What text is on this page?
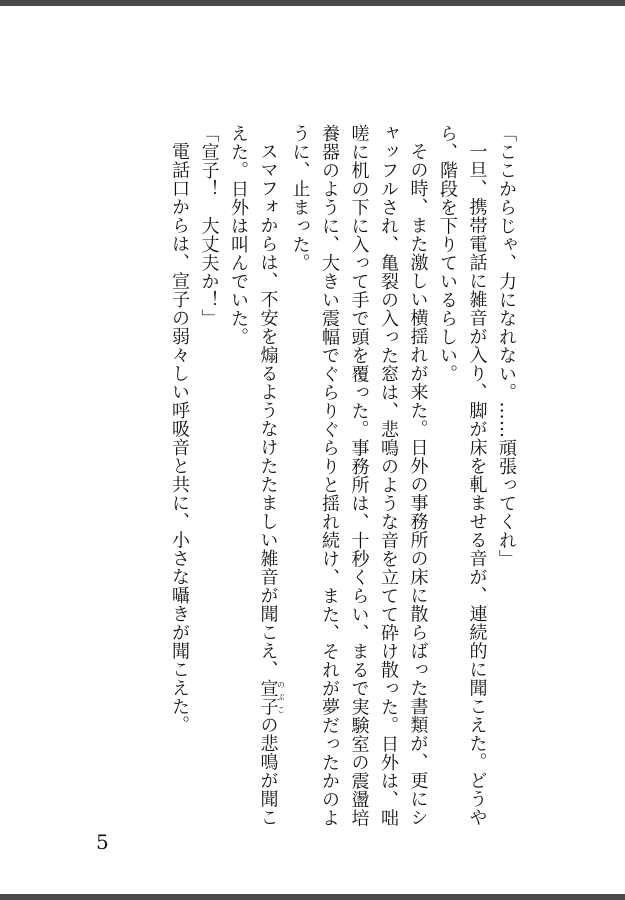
「ここからじゃ、力になれない。……頑張ってくれ」

一旦、携帯電話に雑音が入り、脚が床を軋ませる音が、連続的に聞こえた。どうやら、階段を下りているらしい。

その時、また激しい横揺れが来た。日外の事務所の床に散らばった書類が、更にシャッフルされ、亀裂の入った窓は、悲鳴のような音を立てて砕け散った。日外は、咄嗟に机の下に入って手で頭を覆った。事務所は、十秒くらい、まるで実験室の震盪培養器のように、大きい震幅でぐらりぐらりと揺れ続け、また、それが夢だったかのように、止まった。

スマフォからは、不安を煽るようなけたたましい雑音が聞こえ、宣子のぶこの悲鳴が聞こえた。日外は叫んでいた。

「宣子！　大丈夫か！」

電話口からは、宣子の弱々しい呼吸音と共に、小さな囁きが聞こえた。

5
